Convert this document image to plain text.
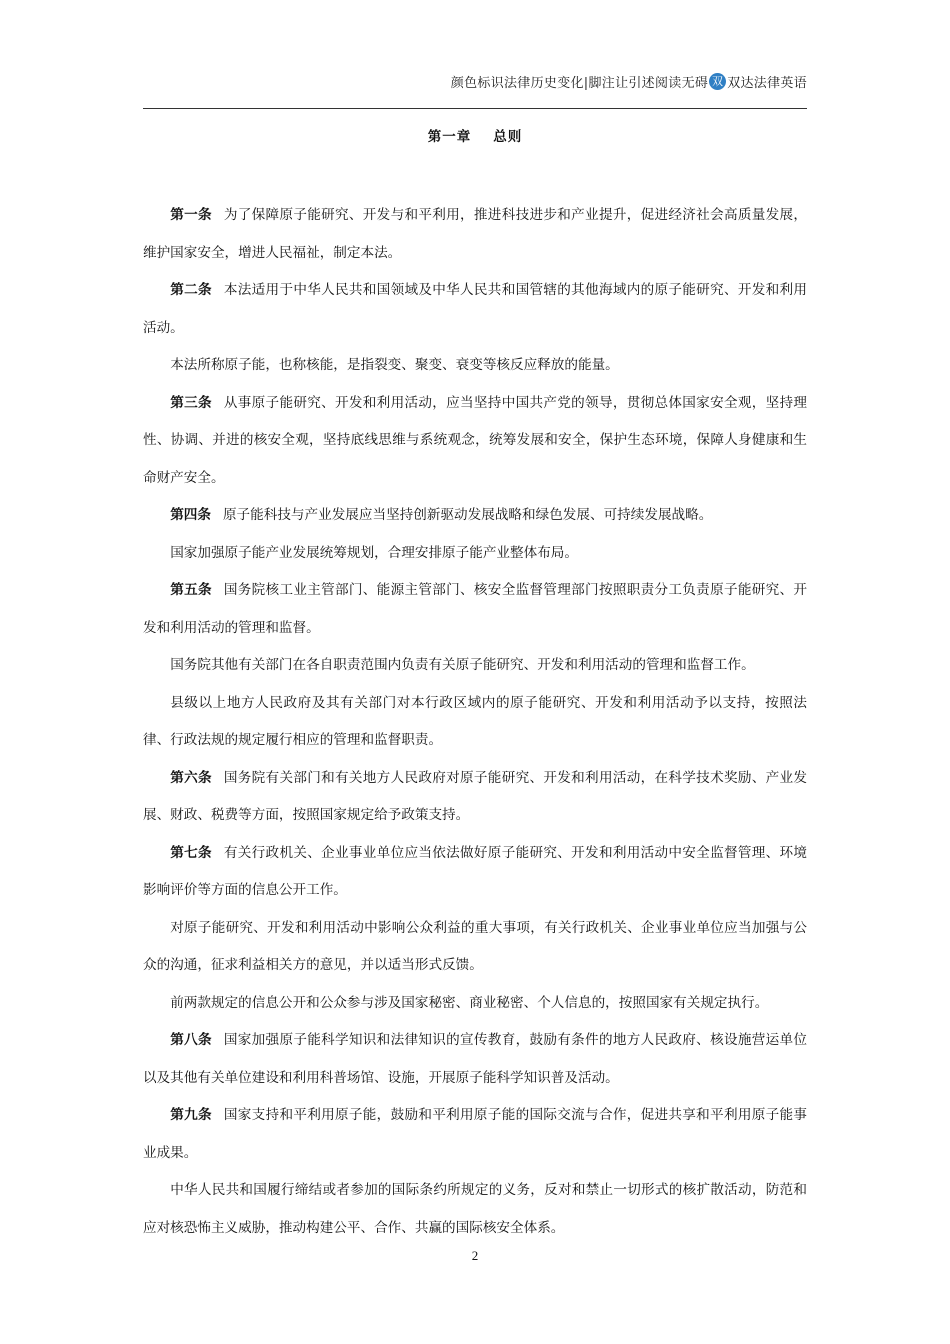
颜色标识法律历史变化|脚注让引述阅读无碍 双 双达法律英语
第一章 总则

第一条 为了保障原子能研究、开发与和平利用，推进科技进步和产业提升，促进经济社会高质量发展，维护国家安全，增进人民福祉，制定本法。

第二条 本法适用于中华人民共和国领域及中华人民共和国管辖的其他海域内的原子能研究、开发和利用活动。

本法所称原子能，也称核能，是指裂变、聚变、衰变等核反应释放的能量。

第三条 从事原子能研究、开发和利用活动，应当坚持中国共产党的领导，贯彻总体国家安全观，坚持理性、协调、并进的核安全观，坚持底线思维与系统观念，统筹发展和安全，保护生态环境，保障人身健康和生命财产安全。

第四条 原子能科技与产业发展应当坚持创新驱动发展战略和绿色发展、可持续发展战略。

国家加强原子能产业发展统筹规划，合理安排原子能产业整体布局。

第五条 国务院核工业主管部门、能源主管部门、核安全监督管理部门按照职责分工负责原子能研究、开发和利用活动的管理和监督。

国务院其他有关部门在各自职责范围内负责有关原子能研究、开发和利用活动的管理和监督工作。

县级以上地方人民政府及其有关部门对本行政区域内的原子能研究、开发和利用活动予以支持，按照法律、行政法规的规定履行相应的管理和监督职责。

第六条 国务院有关部门和有关地方人民政府对原子能研究、开发和利用活动，在科学技术奖励、产业发展、财政、税费等方面，按照国家规定给予政策支持。

第七条 有关行政机关、企业事业单位应当依法做好原子能研究、开发和利用活动中安全监督管理、环境影响评价等方面的信息公开工作。

对原子能研究、开发和利用活动中影响公众利益的重大事项，有关行政机关、企业事业单位应当加强与公众的沟通，征求利益相关方的意见，并以适当形式反馈。

前两款规定的信息公开和公众参与涉及国家秘密、商业秘密、个人信息的，按照国家有关规定执行。

第八条 国家加强原子能科学知识和法律知识的宣传教育，鼓励有条件的地方人民政府、核设施营运单位以及其他有关单位建设和利用科普场馆、设施，开展原子能科学知识普及活动。

第九条 国家支持和平利用原子能，鼓励和平利用原子能的国际交流与合作，促进共享和平利用原子能事业成果。

中华人民共和国履行缔结或者参加的国际条约所规定的义务，反对和禁止一切形式的核扩散活动，防范和应对核恐怖主义威胁，推动构建公平、合作、共赢的国际核安全体系。

2
